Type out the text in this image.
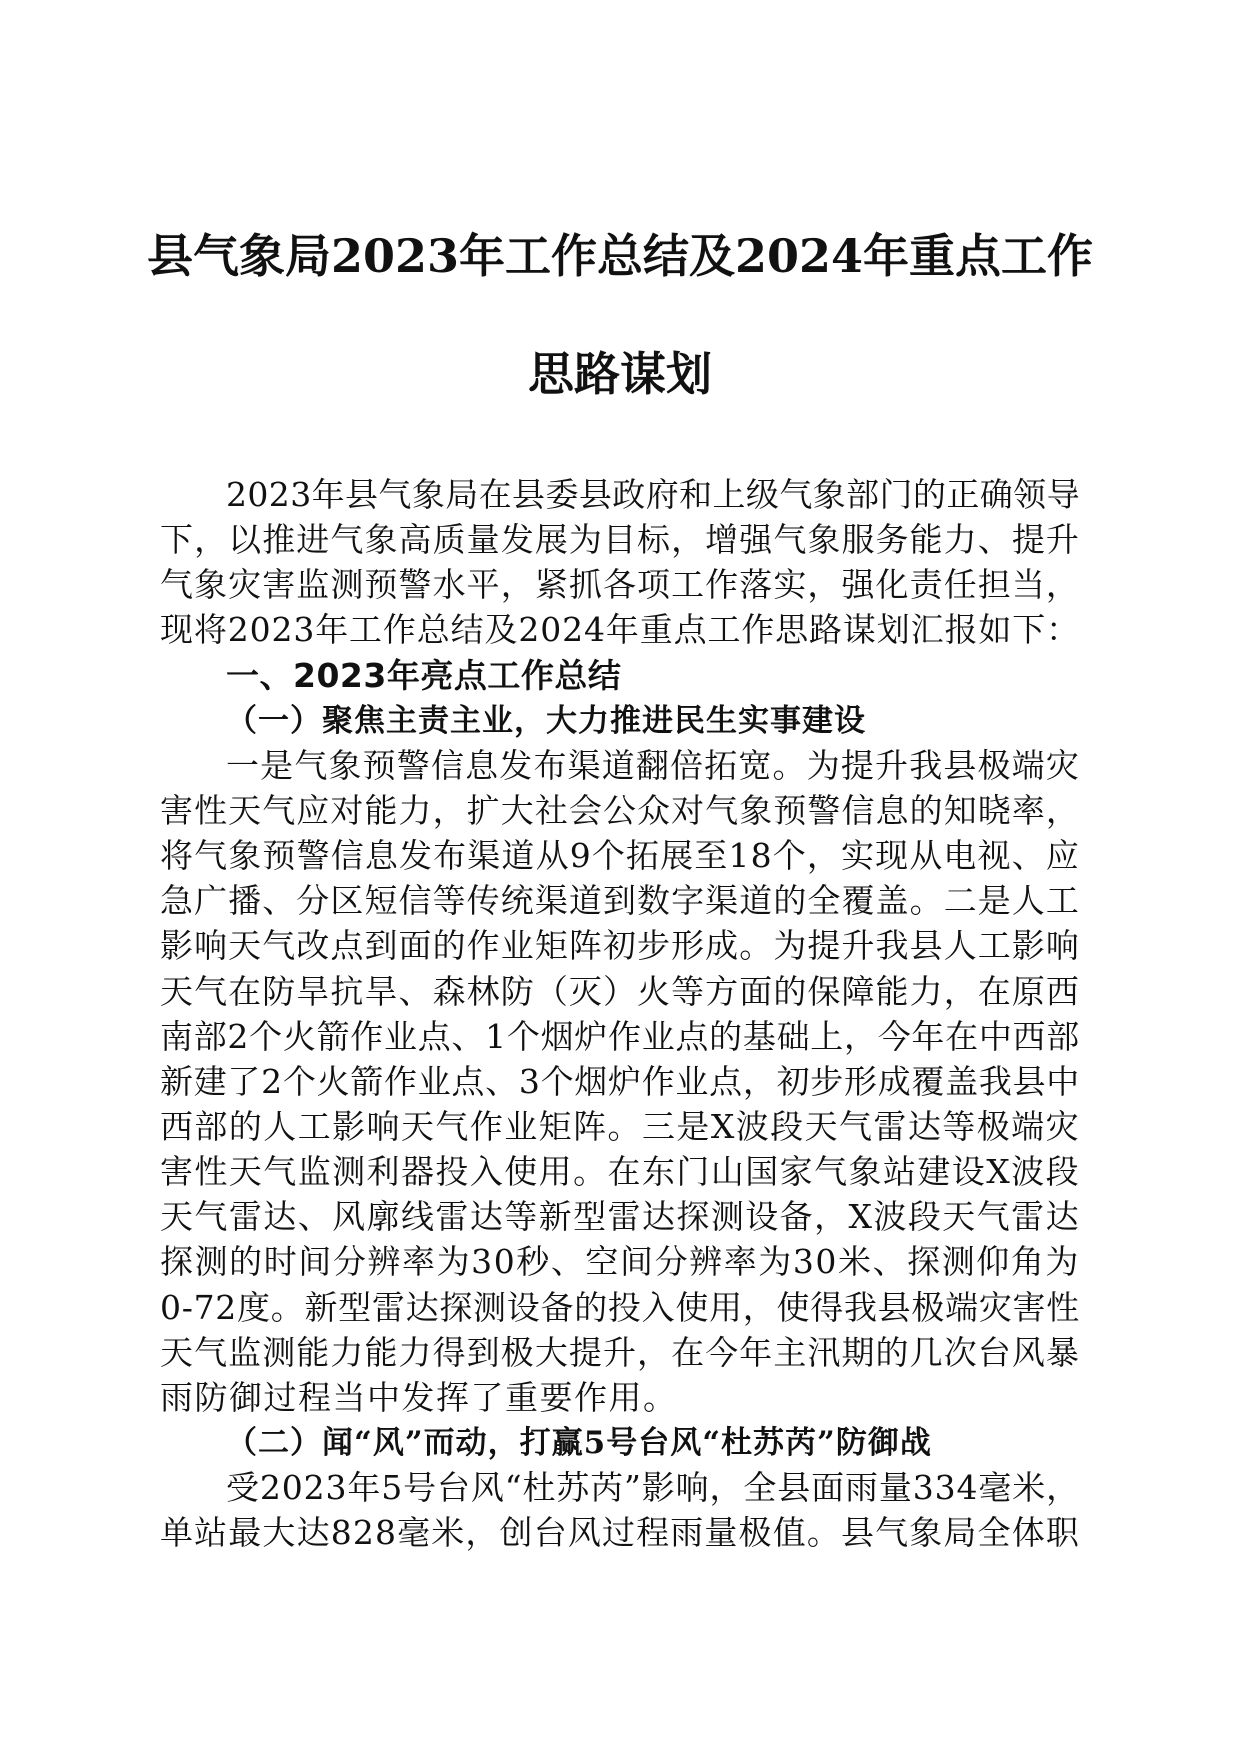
县气象局2023年工作总结及2024年重点工作
思路谋划
2023年县气象局在县委县政府和上级气象部门的正确领导
下，以推进气象高质量发展为目标，增强气象服务能力、提升
气象灾害监测预警水平，紧抓各项工作落实，强化责任担当，
现将2023年工作总结及2024年重点工作思路谋划汇报如下：
一、2023年亮点工作总结
（一）聚焦主责主业，大力推进民生实事建设
一是气象预警信息发布渠道翻倍拓宽。为提升我县极端灾
害性天气应对能力，扩大社会公众对气象预警信息的知晓率，
将气象预警信息发布渠道从9个拓展至18个，实现从电视、应
急广播、分区短信等传统渠道到数字渠道的全覆盖。二是人工
影响天气改点到面的作业矩阵初步形成。为提升我县人工影响
天气在防旱抗旱、森林防（灭）火等方面的保障能力，在原西
南部2个火箭作业点、1个烟炉作业点的基础上，今年在中西部
新建了2个火箭作业点、3个烟炉作业点，初步形成覆盖我县中
西部的人工影响天气作业矩阵。三是X波段天气雷达等极端灾
害性天气监测利器投入使用。在东门山国家气象站建设X波段
天气雷达、风廓线雷达等新型雷达探测设备，X波段天气雷达
探测的时间分辨率为30秒、空间分辨率为30米、探测仰角为
0-72度。新型雷达探测设备的投入使用，使得我县极端灾害性
天气监测能力能力得到极大提升，在今年主汛期的几次台风暴
雨防御过程当中发挥了重要作用。
（二）闻“风”而动，打赢5号台风“杜苏芮”防御战
受2023年5号台风“杜苏芮”影响，全县面雨量334毫米，
单站最大达828毫米，创台风过程雨量极值。县气象局全体职
